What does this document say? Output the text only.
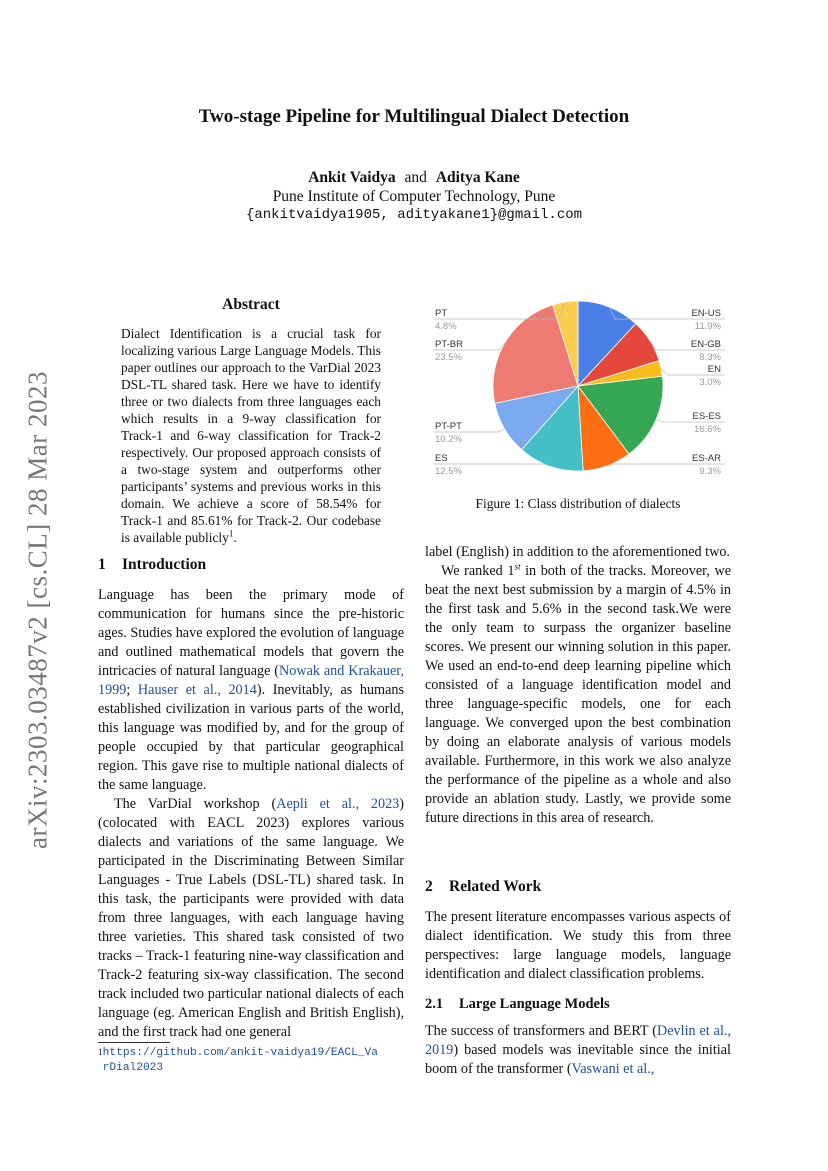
Two-stage Pipeline for Multilingual Dialect Detection
Ankit Vaidya and Aditya Kane
Pune Institute of Computer Technology, Pune
{ankitvaidya1905, adityakane1}@gmail.com
arXiv:2303.03487v2 [cs.CL] 28 Mar 2023
Abstract

Dialect Identification is a crucial task for localizing various Large Language Models. This paper outlines our approach to the VarDial 2023 DSL-TL shared task. Here we have to identify three or two dialects from three languages each which results in a 9-way classification for Track-1 and 6-way classification for Track-2 respectively. Our proposed approach consists of a two-stage system and outperforms other participants’ systems and previous works in this domain. We achieve a score of 58.54% for Track-1 and 85.61% for Track-2. Our codebase is available publicly$^1$.

1 Introduction

Language has been the primary mode of communication for humans since the pre-historic ages. Studies have explored the evolution of language and outlined mathematical models that govern the intricacies of natural language (Nowak and Krakauer, 1999; Hauser et al., 2014). Inevitably, as humans established civilization in various parts of the world, this language was modified by, and for the group of people occupied by that particular geographical region. This gave rise to multiple national dialects of the same language.

The VarDial workshop (Aepli et al., 2023) (colocated with EACL 2023) explores various dialects and variations of the same language. We participated in the Discriminating Between Similar Languages - True Labels (DSL-TL) shared task. In this task, the participants were provided with data from three languages, with each language having three varieties. This shared task consisted of two tracks – Track-1 featuring nine-way classification and Track-2 featuring six-way classification. The second track included two particular national dialects of each language (eg. American English and British English), and the first track had one general

$^1$https://github.com/ankit-vaidya19/EACL_VarDial2023
EN-US
11.9%
EN-GB
8.3%
EN
3.0%
ES-ES
16.6%
ES-AR
9.3%
ES
12.5%
PT-PT
10.2%
PT-BR
23.5%
PT
4.8%
Figure 1: Class distribution of dialects

label (English) in addition to the aforementioned two.

We ranked 1st in both of the tracks. Moreover, we beat the next best submission by a margin of 4.5% in the first task and 5.6% in the second task.We were the only team to surpass the organizer baseline scores. We present our winning solution in this paper. We used an end-to-end deep learning pipeline which consisted of a language identification model and three language-specific models, one for each language. We converged upon the best combination by doing an elaborate analysis of various models available. Furthermore, in this work we also analyze the performance of the pipeline as a whole and also provide an ablation study. Lastly, we provide some future directions in this area of research.

2 Related Work

The present literature encompasses various aspects of dialect identification. We study this from three perspectives: large language models, language identification and dialect classification problems.

2.1 Large Language Models

The success of transformers and BERT (Devlin et al., 2019) based models was inevitable since the initial boom of the transformer (Vaswani et al.,
